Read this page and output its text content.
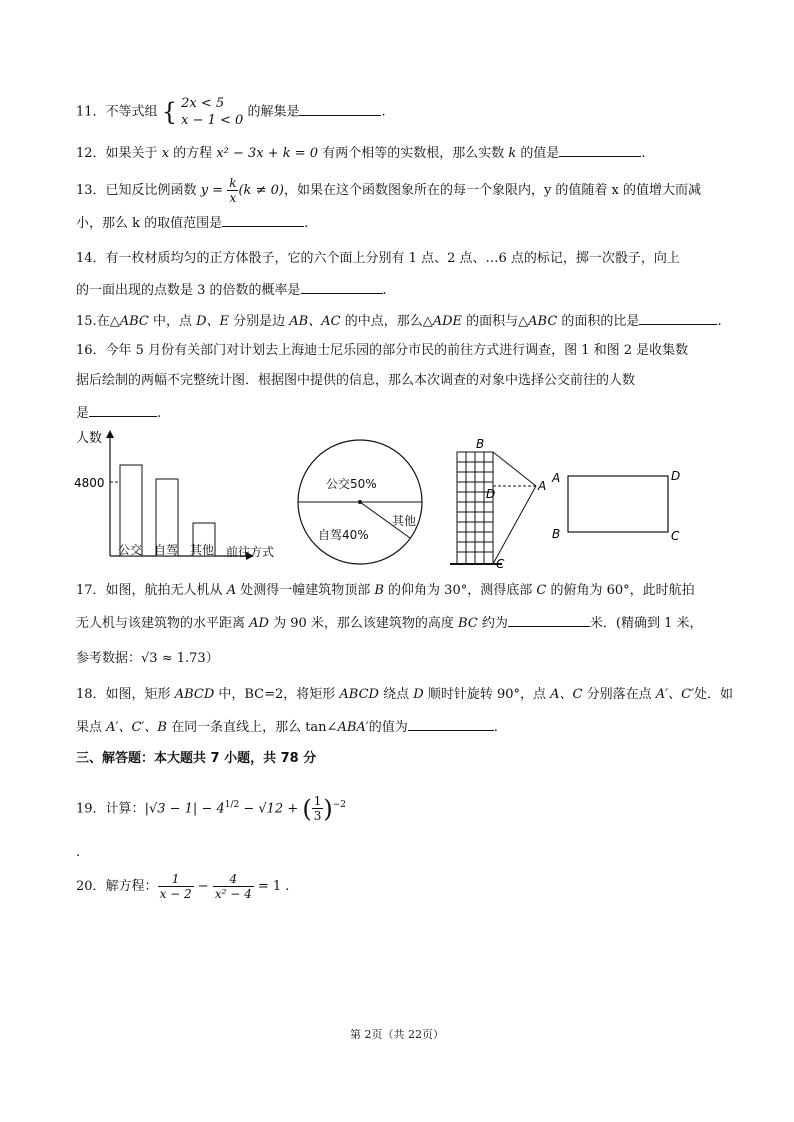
11．不等式组 { 2x < 5
x − 1 < 0
的解集是	.
12．如果关于 x 的方程 x² − 3x + k = 0 有两个相等的实数根，那么实数 k 的值是	.
13．已知反比例函数 $y = \frac{k}{x} (k \ne 0)$，如果在这个函数图象所在的每一个象限内，y 的值随着 x 的值增大而减
小，那么 k 的取值范围是	.
14．有一枚材质均匀的正方体骰子，它的六个面上分别有 1 点、2 点、…6 点的标记，掷一次骰子，向上
的一面出现的点数是 3 的倍数的概率是	.
15.在△ABC 中，点 D、E 分别是边 AB、AC 的中点，那么△ADE 的面积与△ABC 的面积的比是	.
16．今年 5 月份有关部门对计划去上海迪士尼乐园的部分市民的前往方式进行调查，图 1 和图 2 是收集数
据后绘制的两幅不完整统计图．根据图中提供的信息，那么本次调查的对象中选择公交前往的人数
是	.
人数
4800
公交 自驾 其他 前往方式
公交50%
自驾40%
其他
B
A
D
C
A	D
B	C
17．如图，航拍无人机从 A 处测得一幢建筑物顶部 B 的仰角为 30°，测得底部 C 的俯角为 60°，此时航拍
无人机与该建筑物的水平距离 AD 为 90 米，那么该建筑物的高度 BC 约为	米．(精确到 1 米，
参考数据：√3 ≈ 1.73）
18．如图，矩形 ABCD 中，BC=2，将矩形 ABCD 绕点 D 顺时针旋转 90°，点 A、C 分别落在点 A′、C′处．如
果点 A′、C′、B 在同一条直线上，那么 tan∠ABA′的值为	.
三、解答题：本大题共 7 小题，共 78 分
19．计算：$|√3 - 1| - 4^{1/2} - √12$ + ( $\frac{1}{3} )^{-2}$
.
20．解方程： $\frac{1}{x - 2} - \frac{4}{\text{x² − 4}} = 1$ .
第 2页（共 22页）
